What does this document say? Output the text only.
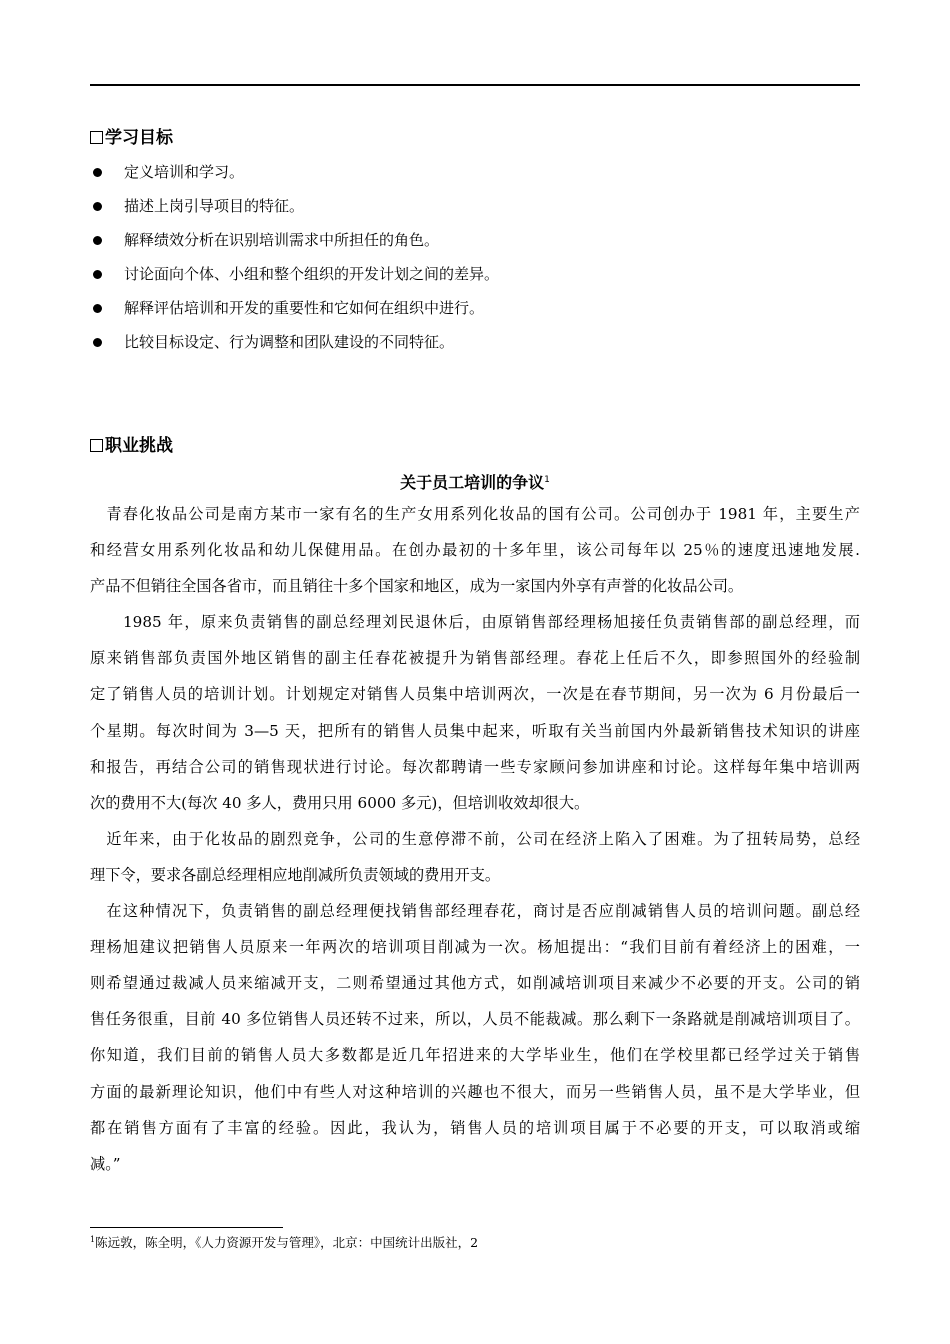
学习目标
定义培训和学习。
描述上岗引导项目的特征。
解释绩效分析在识别培训需求中所担任的角色。
讨论面向个体、小组和整个组织的开发计划之间的差异。
解释评估培训和开发的重要性和它如何在组织中进行。
比较目标设定、行为调整和团队建设的不同特征。
职业挑战
关于员工培训的争议$^1$
　青春化妆品公司是南方某市一家有名的生产女用系列化妆品的国有公司。公司创办于 1981 年，主要生产
和经营女用系列化妆品和幼儿保健用品。在创办最初的十多年里，该公司每年以 25％的速度迅速地发展.
产品不但销往全国各省市，而且销往十多个国家和地区，成为一家国内外享有声誉的化妆品公司。
　　1985 年，原来负责销售的副总经理刘民退休后，由原销售部经理杨旭接任负责销售部的副总经理，而
原来销售部负责国外地区销售的副主任春花被提升为销售部经理。春花上任后不久，即参照国外的经验制
定了销售人员的培训计划。计划规定对销售人员集中培训两次，一次是在春节期间，另一次为 6 月份最后一
个星期。每次时间为 3—5 天，把所有的销售人员集中起来，听取有关当前国内外最新销售技术知识的讲座
和报告，再结合公司的销售现状进行讨论。每次都聘请一些专家顾问参加讲座和讨论。这样每年集中培训两
次的费用不大(每次 40 多人，费用只用 6000 多元)，但培训收效却很大。
　近年来，由于化妆品的剧烈竞争，公司的生意停滞不前，公司在经济上陷入了困难。为了扭转局势，总经
理下令，要求各副总经理相应地削减所负责领域的费用开支。
　在这种情况下，负责销售的副总经理便找销售部经理春花，商讨是否应削减销售人员的培训问题。副总经
理杨旭建议把销售人员原来一年两次的培训项目削减为一次。杨旭提出：“我们目前有着经济上的困难，一
则希望通过裁减人员来缩减开支，二则希望通过其他方式，如削减培训项目来减少不必要的开支。公司的销
售任务很重，目前 40 多位销售人员还转不过来，所以，人员不能裁减。那么剩下一条路就是削减培训项目了。
你知道，我们目前的销售人员大多数都是近几年招进来的大学毕业生，他们在学校里都已经学过关于销售
方面的最新理论知识，他们中有些人对这种培训的兴趣也不很大，而另一些销售人员，虽不是大学毕业，但
都在销售方面有了丰富的经验。因此，我认为，销售人员的培训项目属于不必要的开支，可以取消或缩
减。”
$^1$陈远敦，陈全明，《人力资源开发与管理》，北京：中国统计出版社，2
